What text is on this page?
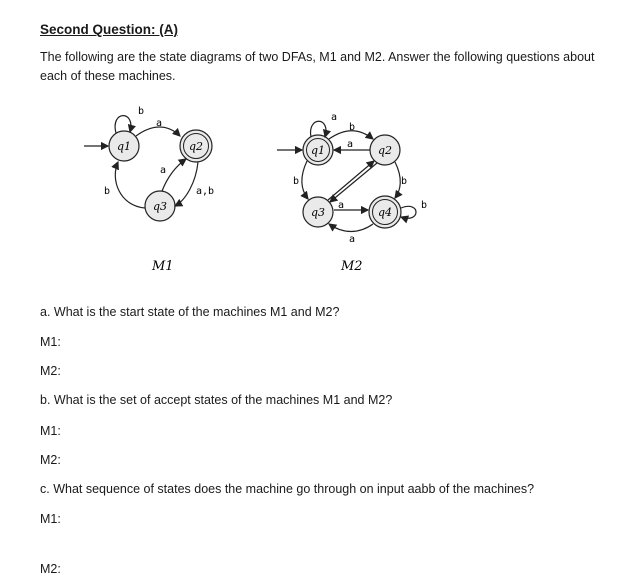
Second Question: (A)
The following are the state diagrams of two DFAs, M1 and M2. Answer the following questions about each of these machines.
q1
b
q2
a
q3
a
a,b
b
M1
q1
a
q2
b
a
q3
b
q4
a
a
b
b
M2
a. What is the start state of the machines M1 and M2?
M1:
M2:
b. What is the set of accept states of the machines M1 and M2?
M1:
M2:
c. What sequence of states does the machine go through on input aabb of the machines?
M1:
M2:
